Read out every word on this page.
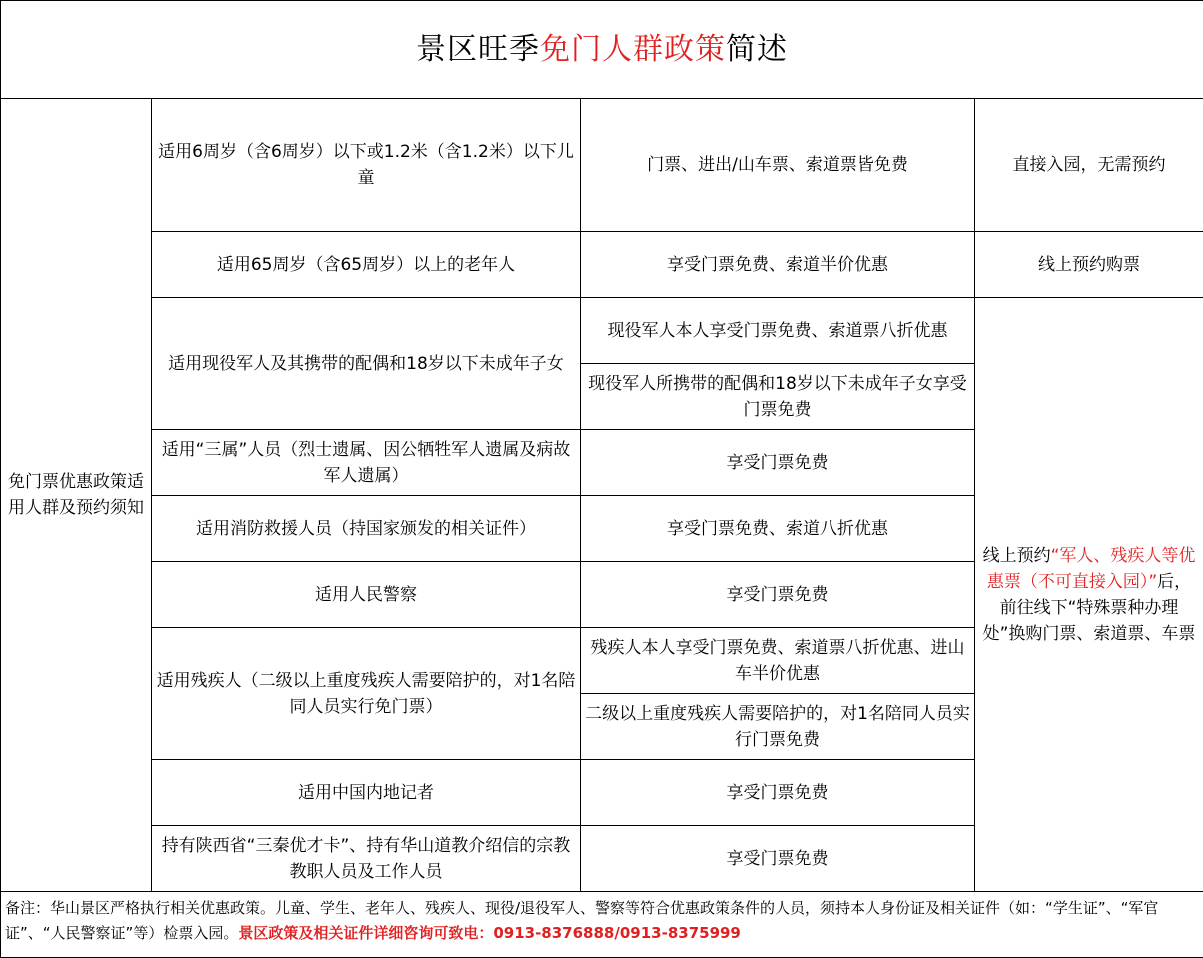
景区旺季免门人群政策简述			
免门票优惠政策适用人群及预约须知	适用6周岁（含6周岁）以下或1.2米（含1.2米）以下儿童	门票、进出/山车票、索道票皆免费	直接入园，无需预约
	适用65周岁（含65周岁）以上的老年人	享受门票免费、索道半价优惠	线上预约购票
	适用现役军人及其携带的配偶和18岁以下未成年子女	现役军人本人享受门票免费、索道票八折优惠	线上预约“军人、残疾人等优惠票（不可直接入园）”后，前往线下“特殊票种办理处”换购门票、索道票、车票
		现役军人所携带的配偶和18岁以下未成年子女享受门票免费	
	适用“三属”人员（烈士遗属、因公牺牲军人遗属及病故军人遗属）	享受门票免费	
	适用消防救援人员（持国家颁发的相关证件）	享受门票免费、索道八折优惠	
	适用人民警察	享受门票免费	
	适用残疾人（二级以上重度残疾人需要陪护的，对1名陪同人员实行免门票）	残疾人本人享受门票免费、索道票八折优惠、进山车半价优惠	
		二级以上重度残疾人需要陪护的，对1名陪同人员实行门票免费	
	适用中国内地记者	享受门票免费	
	持有陕西省“三秦优才卡”、持有华山道教介绍信的宗教教职人员及工作人员	享受门票免费	
备注：华山景区严格执行相关优惠政策。儿童、学生、老年人、残疾人、现役/退役军人、警察等符合优惠政策条件的人员，须持本人身份证及相关证件（如：“学生证”、“军官证”、“人民警察证”等）检票入园。景区政策及相关证件详细咨询可致电：0913-8376888/0913-8375999			
